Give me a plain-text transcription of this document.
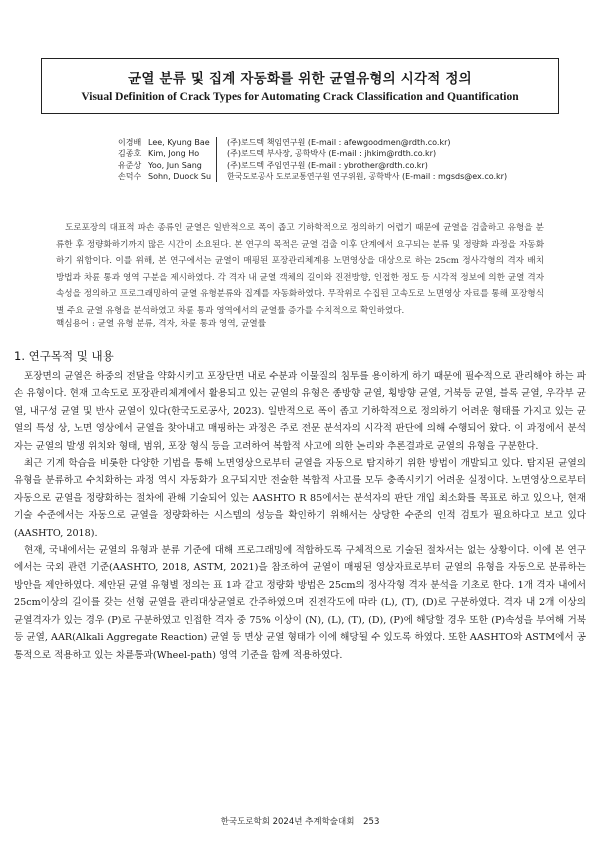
균열 분류 및 집계 자동화를 위한 균열유형의 시각적 정의
Visual Definition of Crack Types for Automating Crack Classification and Quantification
이경배 Lee, Kyung Bae	(주)로드텍 책임연구원 (E-mail : afewgoodmen@rdth.co.kr)
김종호 Kim, Jong Ho	(주)로드텍 부사장, 공학박사 (E-mail : jhkim@rdth.co.kr)
유준상 Yoo, Jun Sang	(주)로드텍 주임연구원 (E-mail : ybrother@rdth.co.kr)
손덕수 Sohn, Duock Su	한국도로공사 도로교통연구원 연구위원, 공학박사 (E-mail : mgsds@ex.co.kr)

도로포장의 대표적 파손 종류인 균열은 일반적으로 폭이 좁고 기하학적으로 정의하기 어렵기 때문에 균열을 검출하고 유형을 분류한 후 정량화하기까지 많은 시간이 소요된다. 본 연구의 목적은 균열 검출 이후 단계에서 요구되는 분류 및 정량화 과정을 자동화하기 위함이다. 이를 위해, 본 연구에서는 균열이 매핑된 포장관리체계용 노면영상을 대상으로 하는 25cm 정사각형의 격자 배치 방법과 차륜 통과 영역 구분을 제시하였다. 각 격자 내 균열 객체의 길이와 진전방향, 인접한 정도 등 시각적 정보에 의한 균열 격자 속성을 정의하고 프로그래밍하여 균열 유형분류와 집계를 자동화하였다. 무작위로 수집된 고속도로 노면영상 자료를 통해 포장형식 별 주요 균열 유형을 분석하였고 차륜 통과 영역에서의 균열률 증가를 수치적으로 확인하였다.

핵심용어 : 균열 유형 분류, 격자, 차륜 통과 영역, 균열률
1. 연구목적 및 내용

포장면의 균열은 하중의 전달을 약화시키고 포장단면 내로 수분과 이물질의 침투를 용이하게 하기 때문에 필수적으로 관리해야 하는 파손 유형이다. 현재 고속도로 포장관리체계에서 활용되고 있는 균열의 유형은 종방향 균열, 횡방향 균열, 거북등 균열, 블록 균열, 우각부 균열, 내구성 균열 및 반사 균열이 있다(한국도로공사, 2023). 일반적으로 폭이 좁고 기하학적으로 정의하기 어려운 형태를 가지고 있는 균열의 특성 상, 노면 영상에서 균열을 찾아내고 매핑하는 과정은 주로 전문 분석자의 시각적 판단에 의해 수행되어 왔다. 이 과정에서 분석자는 균열의 발생 위치와 형태, 범위, 포장 형식 등을 고려하여 복합적 사고에 의한 논리와 추론결과로 균열의 유형을 구분한다.

최근 기계 학습을 비롯한 다양한 기법을 통해 노면영상으로부터 균열을 자동으로 탐지하기 위한 방법이 개발되고 있다. 탐지된 균열의 유형을 분류하고 수치화하는 과정 역시 자동화가 요구되지만 전술한 복합적 사고를 모두 충족시키기 어려운 실정이다. 노면영상으로부터 자동으로 균열을 정량화하는 절차에 관해 기술되어 있는 AASHTO R 85에서는 분석자의 판단 개입 최소화를 목표로 하고 있으나, 현재 기술 수준에서는 자동으로 균열을 정량화하는 시스템의 성능을 확인하기 위해서는 상당한 수준의 인적 검토가 필요하다고 보고 있다(AASHTO, 2018).

현재, 국내에서는 균열의 유형과 분류 기준에 대해 프로그래밍에 적합하도록 구체적으로 기술된 절차서는 없는 상황이다. 이에 본 연구에서는 국외 관련 기준(AASHTO, 2018, ASTM, 2021)을 참조하여 균열이 매핑된 영상자료로부터 균열의 유형을 자동으로 분류하는 방안을 제안하였다. 제안된 균열 유형별 정의는 표 1과 같고 정량화 방법은 25cm의 정사각형 격자 분석을 기초로 한다. 1개 격자 내에서 25cm이상의 길이를 갖는 선형 균열을 관리대상균열로 간주하였으며 진전각도에 따라 (L), (T), (D)로 구분하였다. 격자 내 2개 이상의 균열격자가 있는 경우 (P)로 구분하였고 인접한 격자 중 75% 이상이 (N), (L), (T), (D), (P)에 해당할 경우 또한 (P)속성을 부여해 거북등 균열, AAR(Alkali Aggregate Reaction) 균열 등 면상 균열 형태가 이에 해당될 수 있도록 하였다. 또한 AASHTO와 ASTM에서 공통적으로 적용하고 있는 차륜통과(Wheel-path) 영역 기준을 함께 적용하였다.

한국도로학회 2024년 추계학술대회 253
